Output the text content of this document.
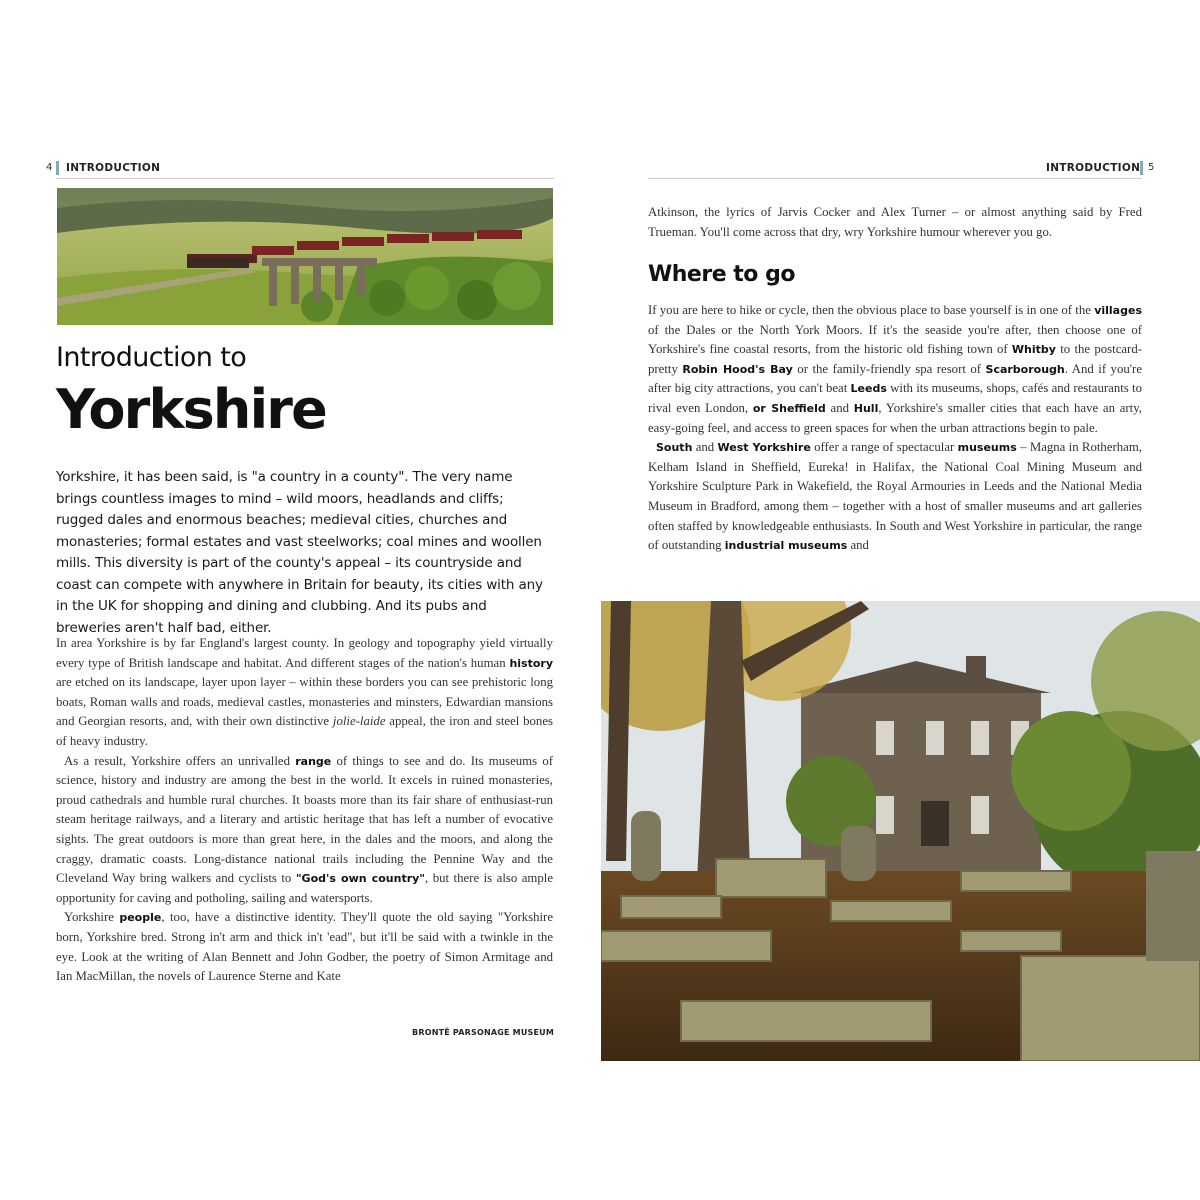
4 INTRODUCTION
Introduction to
Yorkshire
Yorkshire, it has been said, is "a country in a county". The very name brings countless images to mind – wild moors, headlands and cliffs; rugged dales and enormous beaches; medieval cities, churches and monasteries; formal estates and vast steelworks; coal mines and woollen mills. This diversity is part of the county's appeal – its countryside and coast can compete with anywhere in Britain for beauty, its cities with any in the UK for shopping and dining and clubbing. And its pubs and breweries aren't half bad, either.

In area Yorkshire is by far England's largest county. In geology and topography yield virtually every type of British landscape and habitat. And different stages of the nation's human history are etched on its landscape, layer upon layer – within these borders you can see prehistoric long boats, Roman walls and roads, medieval castles, monasteries and minsters, Edwardian mansions and Georgian resorts, and, with their own distinctive jolie-laide appeal, the iron and steel bones of heavy industry.

As a result, Yorkshire offers an unrivalled range of things to see and do. Its museums of science, history and industry are among the best in the world. It excels in ruined monasteries, proud cathedrals and humble rural churches. It boasts more than its fair share of enthusiast-run steam heritage railways, and a literary and artistic heritage that has left a number of evocative sights. The great outdoors is more than great here, in the dales and the moors, and along the craggy, dramatic coasts. Long-distance national trails including the Pennine Way and the Cleveland Way bring walkers and cyclists to "God's own country", but there is also ample opportunity for caving and potholing, sailing and watersports.

Yorkshire people, too, have a distinctive identity. They'll quote the old saying "Yorkshire born, Yorkshire bred. Strong in't arm and thick in't 'ead", but it'll be said with a twinkle in the eye. Look at the writing of Alan Bennett and John Godber, the poetry of Simon Armitage and Ian MacMillan, the novels of Laurence Sterne and Kate

BRONTË PARSONAGE MUSEUM
INTRODUCTION 5
Atkinson, the lyrics of Jarvis Cocker and Alex Turner – or almost anything said by Fred Trueman. You'll come across that dry, wry Yorkshire humour wherever you go.
Where to go

If you are here to hike or cycle, then the obvious place to base yourself is in one of the villages of the Dales or the North York Moors. If it's the seaside you're after, then choose one of Yorkshire's fine coastal resorts, from the historic old fishing town of Whitby to the postcard-pretty Robin Hood's Bay or the family-friendly spa resort of Scarborough. And if you're after big city attractions, you can't beat Leeds with its museums, shops, cafés and restaurants to rival even London, or Sheffield and Hull, Yorkshire's smaller cities that each have an arty, easy-going feel, and access to green spaces for when the urban attractions begin to pale.

South and West Yorkshire offer a range of spectacular museums – Magna in Rotherham, Kelham Island in Sheffield, Eureka! in Halifax, the National Coal Mining Museum and Yorkshire Sculpture Park in Wakefield, the Royal Armouries in Leeds and the National Media Museum in Bradford, among them – together with a host of smaller museums and art galleries often staffed by knowledgeable enthusiasts. In South and West Yorkshire in particular, the range of outstanding industrial museums and
